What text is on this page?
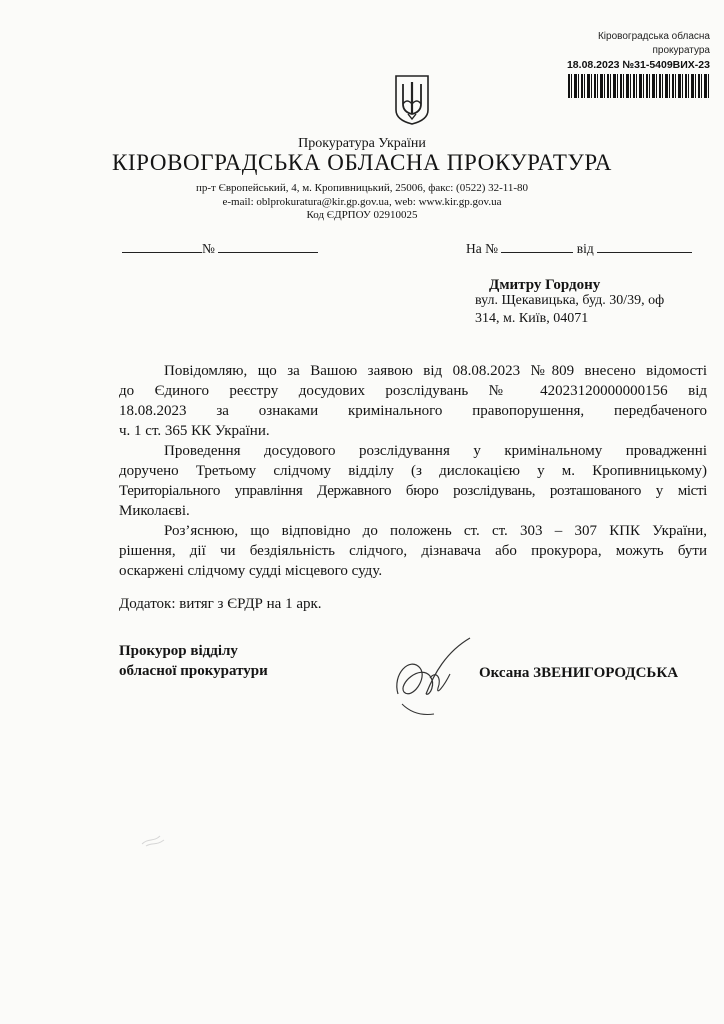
Кіровоградська обласна
прокуратура
18.08.2023 №31-5409ВИХ-23
Прокуратура України
КІРОВОГРАДСЬКА ОБЛАСНА ПРОКУРАТУРА
пр-т Європейський, 4, м. Кропивницький, 25006, факс: (0522) 32-11-80
e-mail: oblprokuratura@kir.gp.gov.ua, web: www.kir.gp.gov.ua
Код ЄДРПОУ 02910025
№	На №	від
Дмитру Гордону
вул. Щекавицька, буд. 30/39, оф
314, м. Київ, 04071
Повідомляю, що за Вашою заявою від 08.08.2023 №809 внесено відомості
до Єдиного реєстру досудових розслідувань № 42023120000000156 від
18.08.2023 за ознаками кримінального правопорушення, передбаченого
ч. 1 ст. 365 КК України.
Проведення досудового розслідування у кримінальному провадженні
доручено Третьому слідчому відділу (з дислокацією у м. Кропивницькому)
Територіального управління Державного бюро розслідувань, розташованого у місті
Миколаєві.
Роз’яснюю, що відповідно до положень ст. ст. 303 – 307 КПК України,
рішення, дії чи бездіяльність слідчого, дізнавача або прокурора, можуть бути
оскаржені слідчому судді місцевого суду.
Додаток: витяг з ЄРДР на 1 арк.
Прокурор відділу
обласної прокуратури	Оксана ЗВЕНИГОРОДСЬКА
